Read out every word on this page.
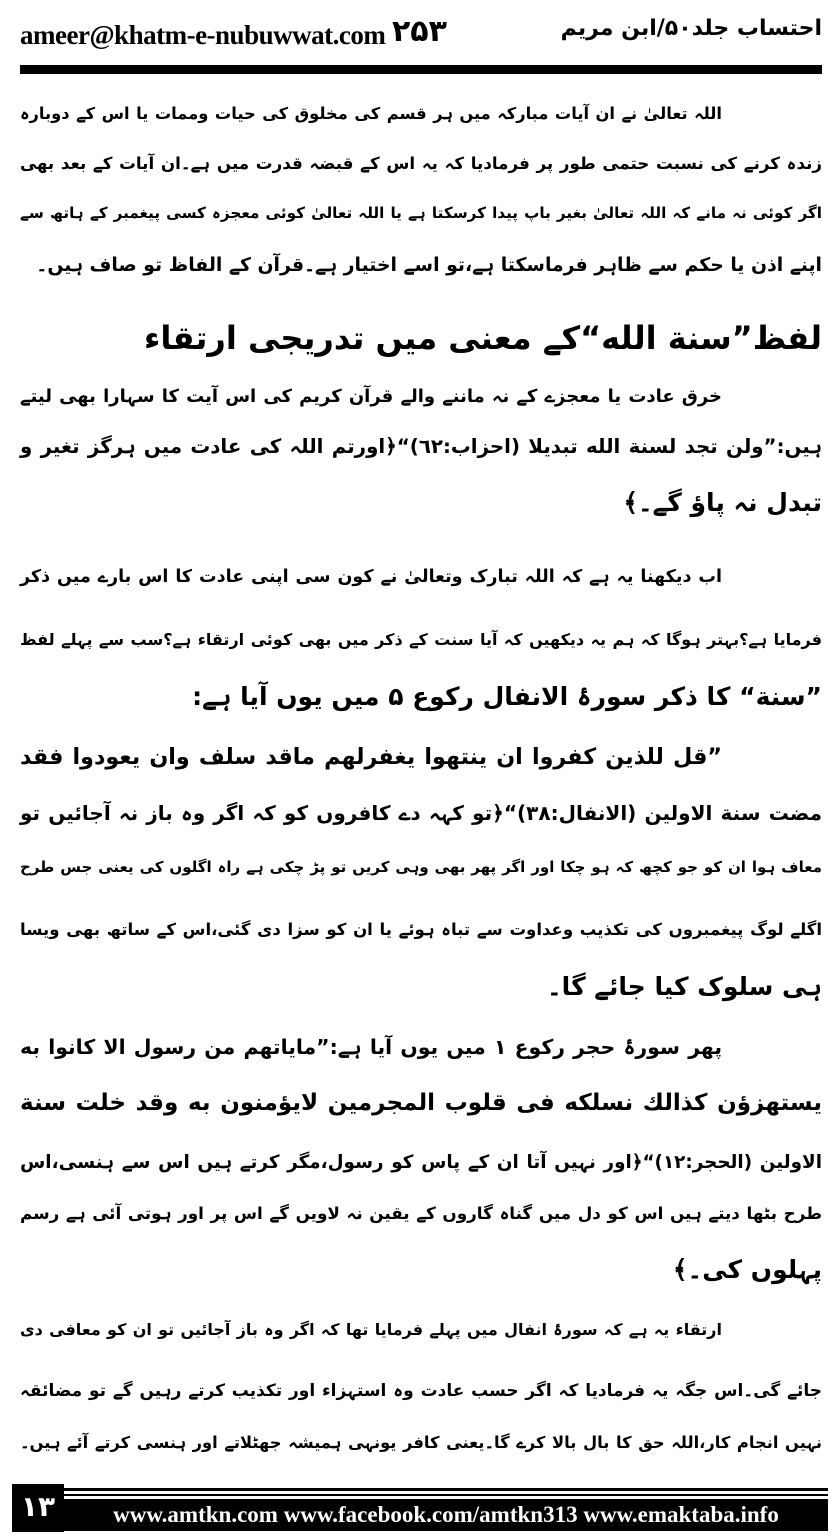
ameer@khatm-e-nubuwwat.com ۲۵۳	احتساب جلد۵۰/ابن مریم
اللہ تعالیٰ نے ان آیات مبارکہ میں ہر قسم کی مخلوق کی حیات وممات یا اس کے دوبارہ
زندہ کرنے کی نسبت حتمی طور پر فرمادیا کہ یہ اس کے قبضہ قدرت میں ہے۔ان آیات کے بعد بھی
اگر کوئی نہ مانے کہ اللہ تعالیٰ بغیر باپ پیدا کرسکتا ہے یا اللہ تعالیٰ کوئی معجزہ کسی پیغمبر کے ہاتھ سے
اپنے اذن یا حکم سے ظاہر فرماسکتا ہے،تو اسے اختیار ہے۔قرآن کے الفاظ تو صاف ہیں۔
لفظ”سنة الله“کے معنی میں تدریجی ارتقاء
خرق عادت یا معجزے کے نہ ماننے والے قرآن کریم کی اس آیت کا سہارا بھی لیتے
ہیں:”ولن تجد لسنة الله تبدیلا (احزاب:٦٢)“﴿اورتم اللہ کی عادت میں ہرگز تغیر و
تبدل نہ پاؤ گے۔﴾
اب دیکھنا یہ ہے کہ اللہ تبارک وتعالیٰ نے کون سی اپنی عادت کا اس بارے میں ذکر
فرمایا ہے؟بہتر ہوگا کہ ہم یہ دیکھیں کہ آیا سنت کے ذکر میں بھی کوئی ارتقاء ہے؟سب سے پہلے لفظ
”سنة“ کا ذکر سورۂ الانفال رکوع ۵ میں یوں آیا ہے:
”قل للذین کفروا ان ینتھوا یغفرلھم ماقد سلف وان یعودوا فقد
مضت سنة الاولین (الانفال:٣٨)“﴿تو کہہ دے کافروں کو کہ اگر وہ باز نہ آجائیں تو
معاف ہوا ان کو جو کچھ کہ ہو چکا اور اگر پھر بھی وہی کریں تو پڑ چکی ہے راہ اگلوں کی یعنی جس طرح
اگلے لوگ پیغمبروں کی تکذیب وعداوت سے تباہ ہوئے یا ان کو سزا دی گئی،اس کے ساتھ بھی ویسا
ہی سلوک کیا جائے گا۔
پھر سورۂ حجر رکوع ۱ میں یوں آیا ہے:”مایاتھم من رسول الا کانوا به
یستھزؤن کذالك نسلکه فی قلوب المجرمین لایؤمنون به وقد خلت سنة
الاولین (الحجر:١٢)“﴿اور نہیں آتا ان کے پاس کو رسول،مگر کرتے ہیں اس سے ہنسی،اس
طرح بٹھا دیتے ہیں اس کو دل میں گناہ گاروں کے یقین نہ لاویں گے اس پر اور ہوتی آئی ہے رسم
پہلوں کی۔﴾
ارتقاء یہ ہے کہ سورۂ انفال میں پہلے فرمایا تھا کہ اگر وہ باز آجائیں تو ان کو معافی دی
جائے گی۔اس جگہ یہ فرمادیا کہ اگر حسب عادت وہ استہزاء اور تکذیب کرتے رہیں گے تو مضائقہ
نہیں انجام کار،اللہ حق کا بال بالا کرے گا۔یعنی کافر یونہی ہمیشہ جھٹلاتے اور ہنسی کرتے آئے ہیں۔
۱۳	www.amtkn.com www.facebook.com/amtkn313 www.emaktaba.info
